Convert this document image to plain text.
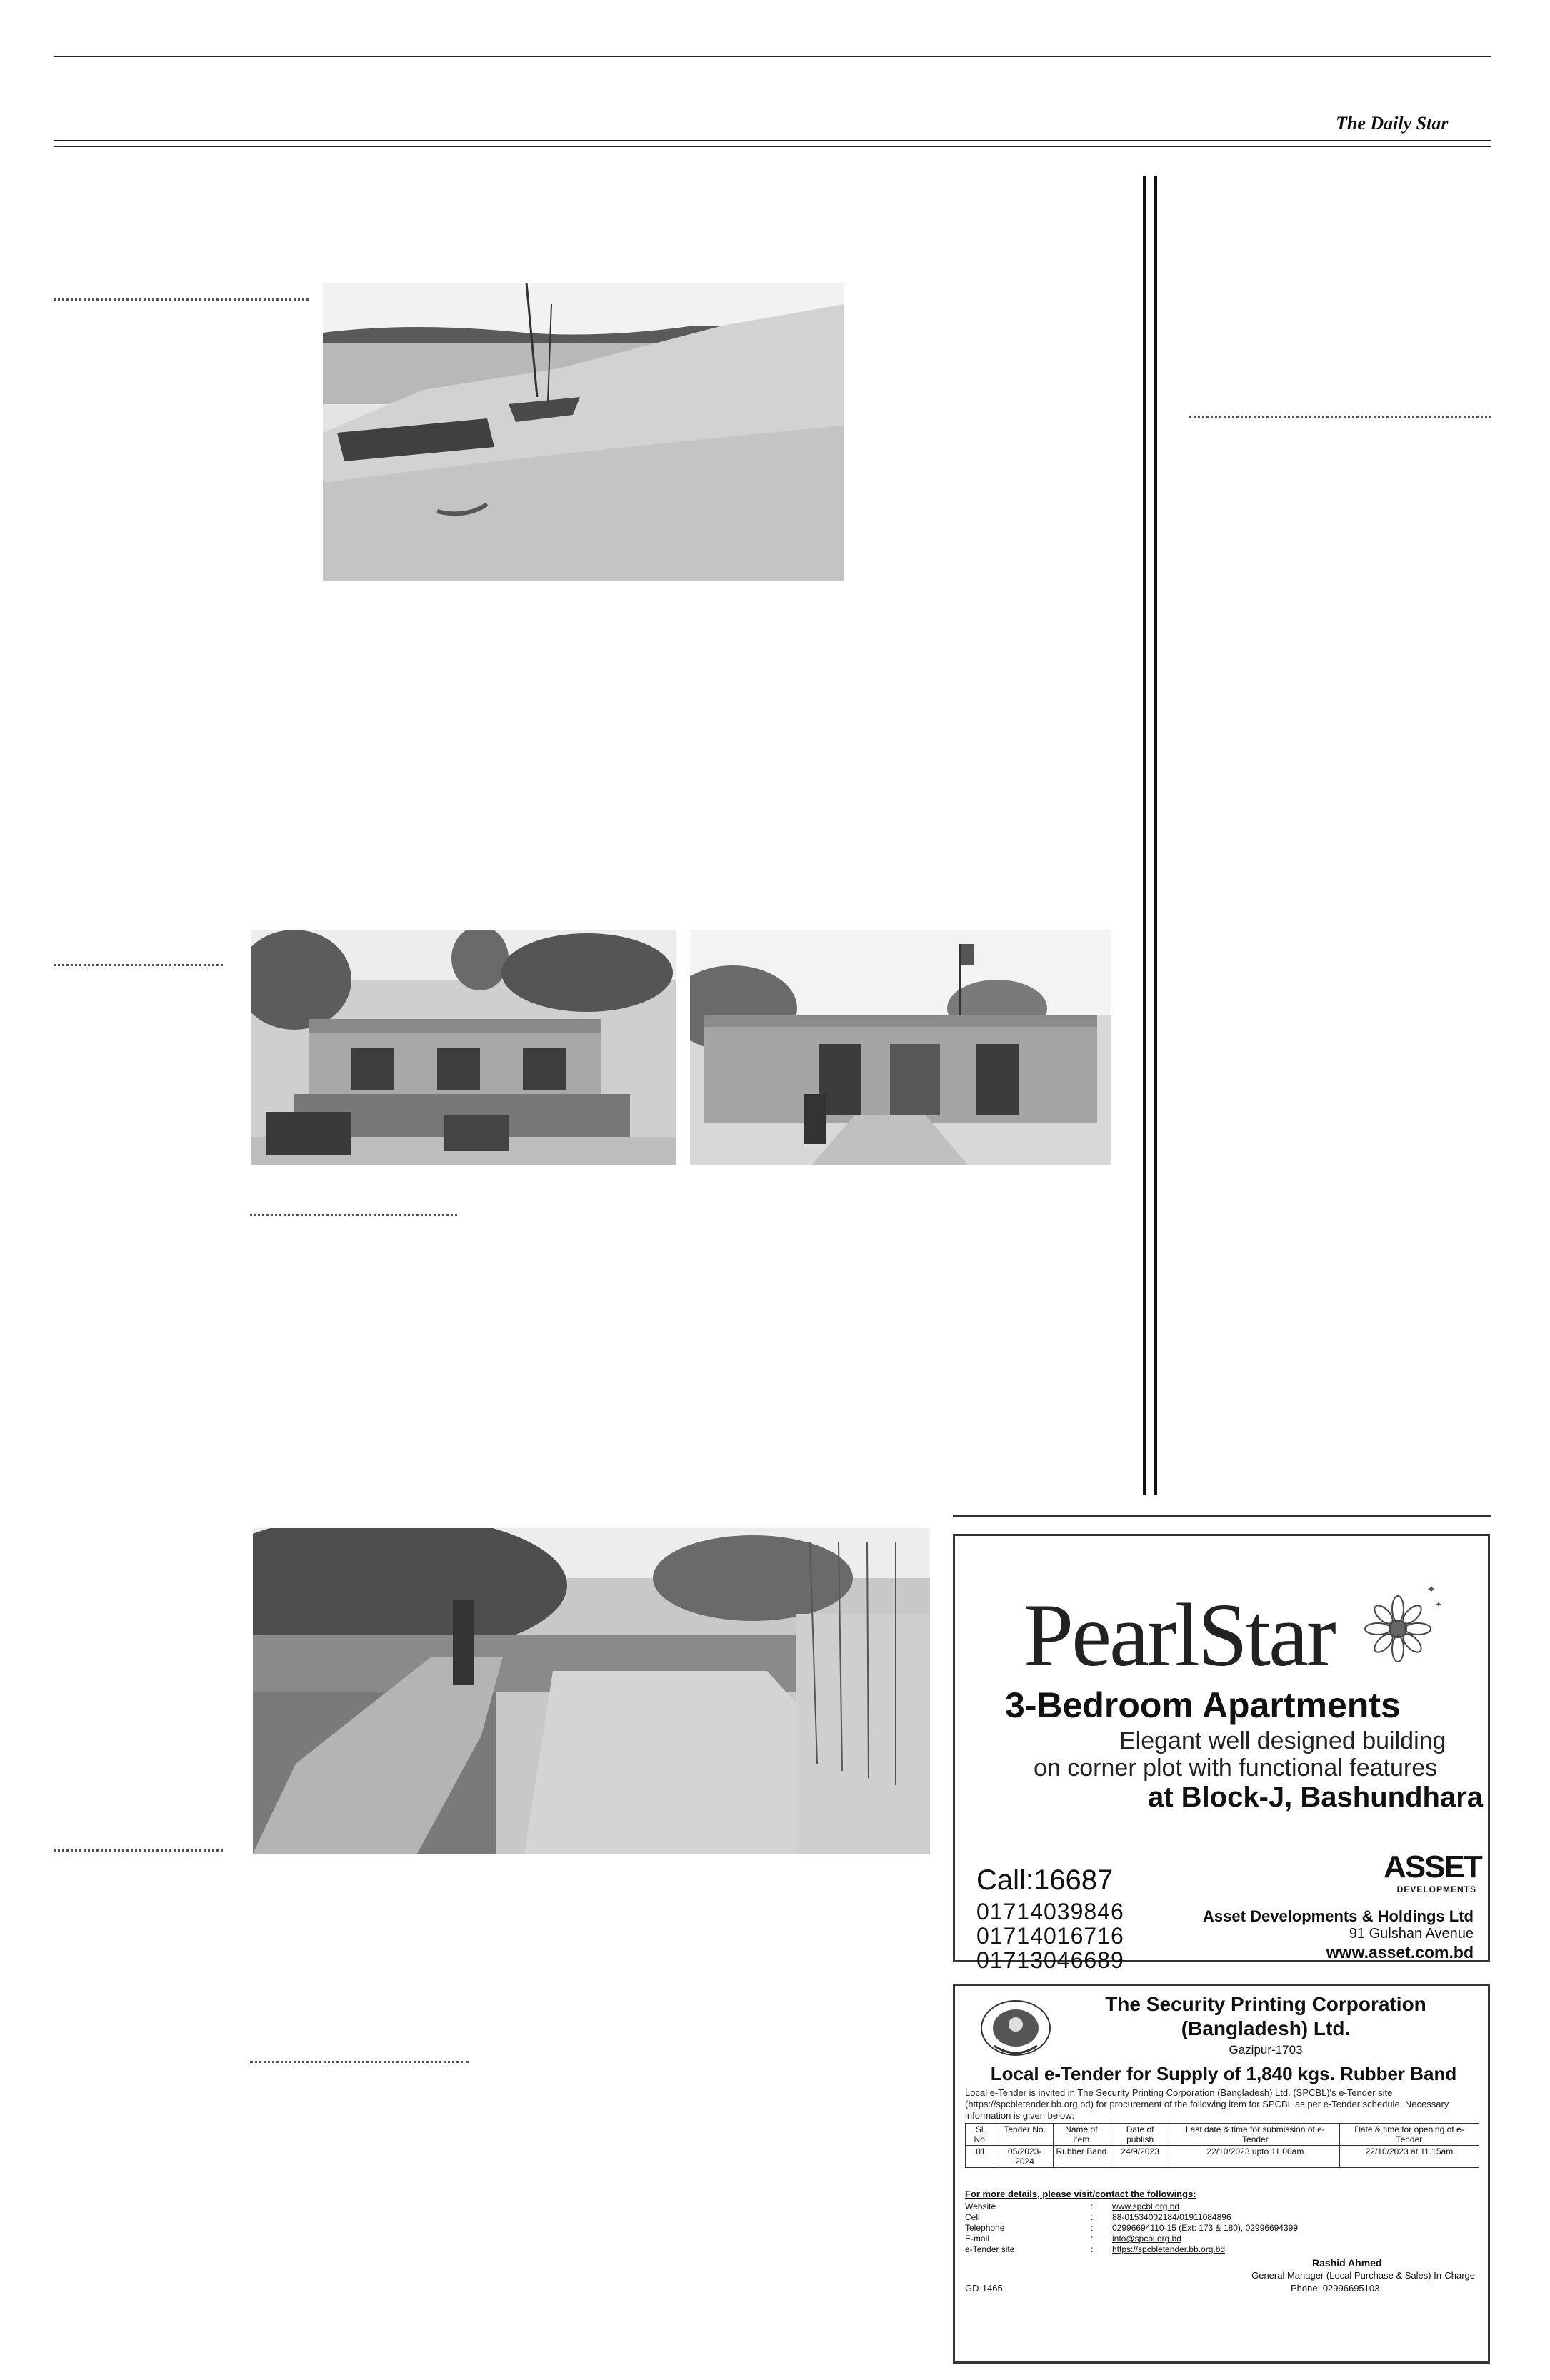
The Daily Star
PearlStar	✦
✦
3-Bedroom Apartments
Elegant well designed building
on corner plot with functional features
at Block-J, Bashundhara
Call:16687
01714039846
01714016716
01713046689
ASSET
DEVELOPMENTS
Asset Developments & Holdings Ltd
91 Gulshan Avenue
www.asset.com.bd
The Security Printing Corporation
(Bangladesh) Ltd.
Gazipur-1703
Local e-Tender for Supply of 1,840 kgs. Rubber Band
Local e-Tender is invited in The Security Printing Corporation (Bangladesh) Ltd. (SPCBL)'s e-Tender site (https://spcbletender.bb.org.bd) for procurement of the following item for SPCBL as per e-Tender schedule. Necessary information is given below:
Sl. No.	Tender No.	Name of item	Date of publish	Last date & time for submission of e-Tender	Date & time for opening of e-Tender
01	05/2023-2024	Rubber Band	24/9/2023	22/10/2023 upto 11.00am	22/10/2023 at 11.15am
For more details, please visit/contact the followings:
Website	:	www.spcbl.org.bd
Cell	:	88-01534002184/01911084896
Telephone	:	02996694110-15 (Ext: 173 & 180), 02996694399
E-mail	:	info@spcbl.org.bd
e-Tender site	:	https://spcbletender.bb.org.bd
Rashid Ahmed
General Manager (Local Purchase & Sales) In-Charge
GD-1465	Phone: 02996695103
